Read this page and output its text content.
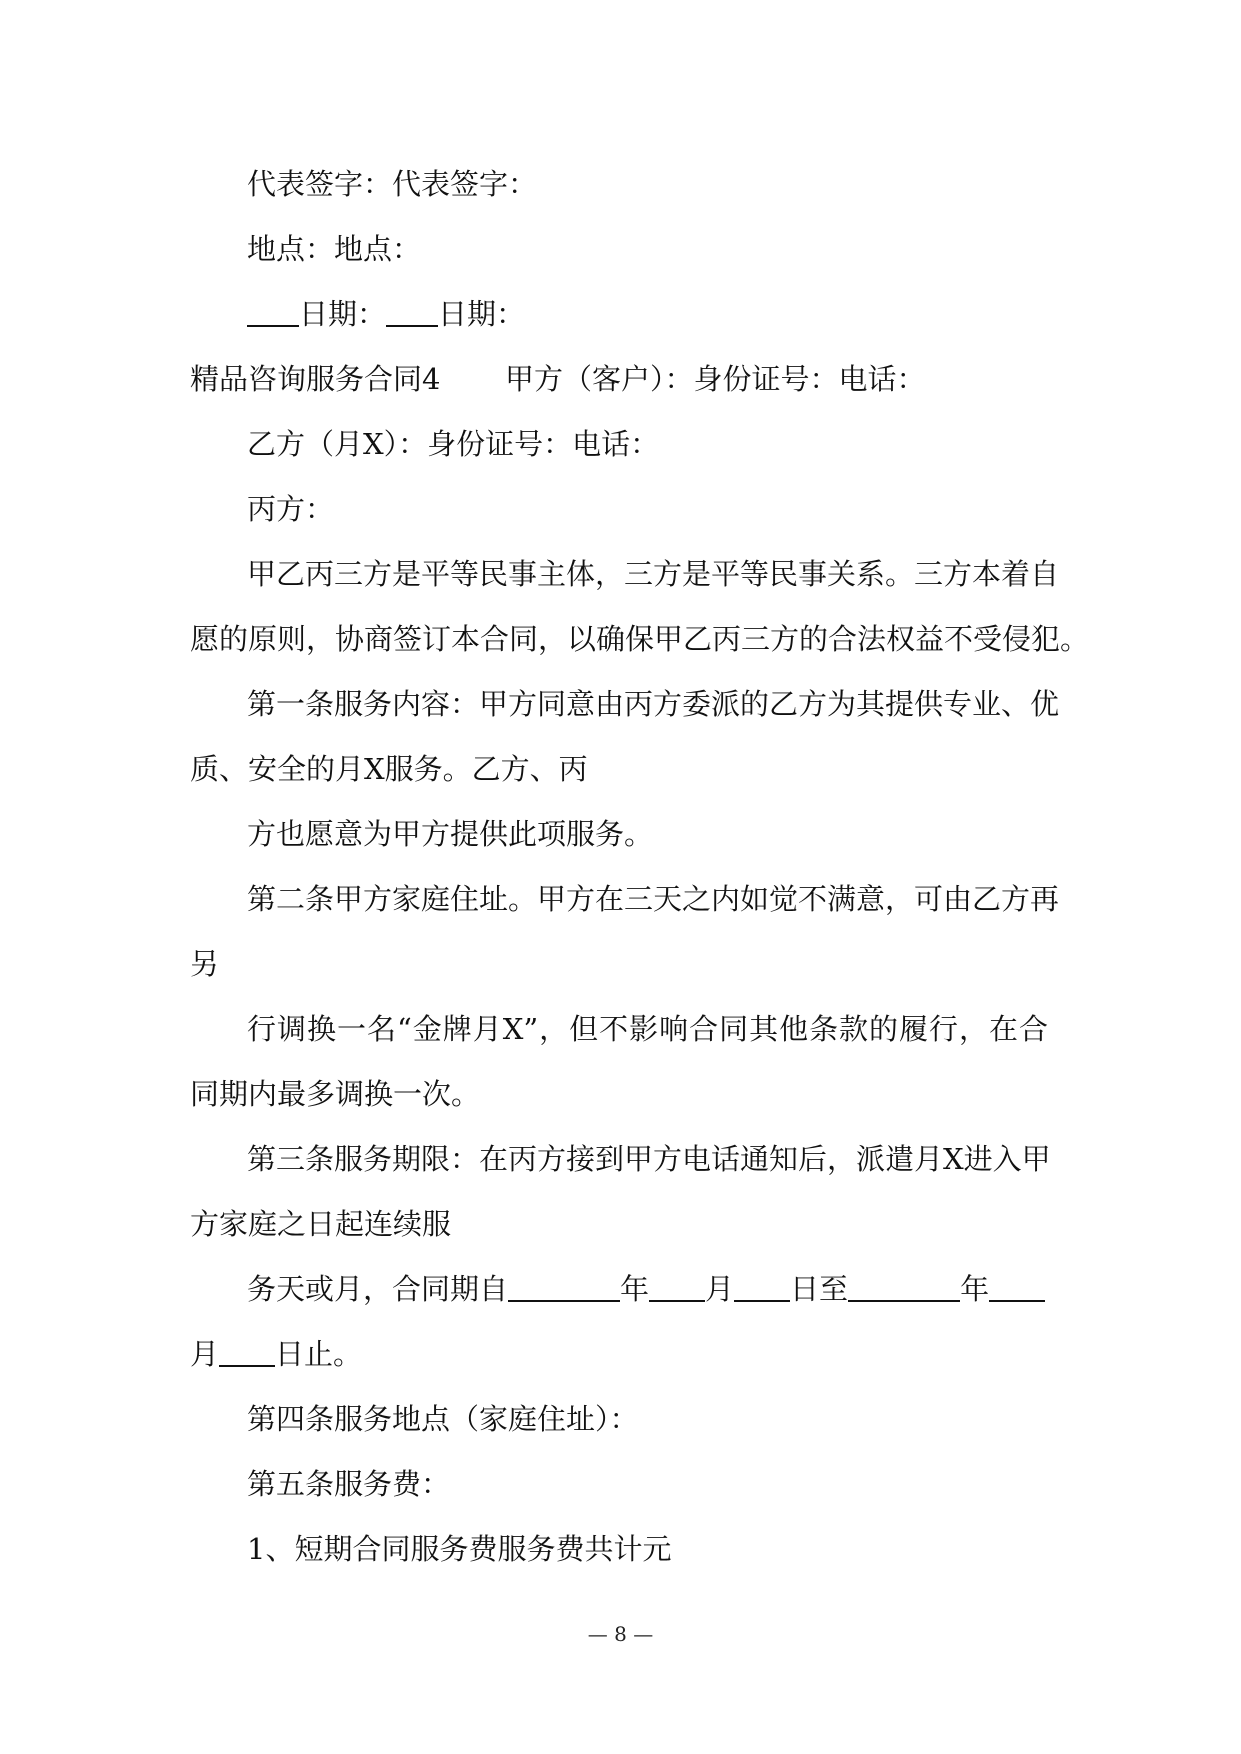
代表签字：代表签字：
地点：地点：
日期： 日期：
精品咨询服务合同4 甲方（客户）：身份证号：电话：
乙方（月X）：身份证号：电话：
丙方：
甲乙丙三方是平等民事主体，三方是平等民事关系。三方本着自
愿的原则，协商签订本合同，以确保甲乙丙三方的合法权益不受侵犯。
第一条服务内容：甲方同意由丙方委派的乙方为其提供专业、优
质、安全的月X服务。乙方、丙
方也愿意为甲方提供此项服务。
第二条甲方家庭住址。甲方在三天之内如觉不满意，可由乙方再
另
行调换一名“金牌月X”，但不影响合同其他条款的履行，在合
同期内最多调换一次。
第三条服务期限：在丙方接到甲方电话通知后，派遣月X进入甲
方家庭之日起连续服
务天或月，合同期自	年 月 日至	年
月 日止。
第四条服务地点（家庭住址）：
第五条服务费：
1、短期合同服务费服务费共计元
— 8 —
